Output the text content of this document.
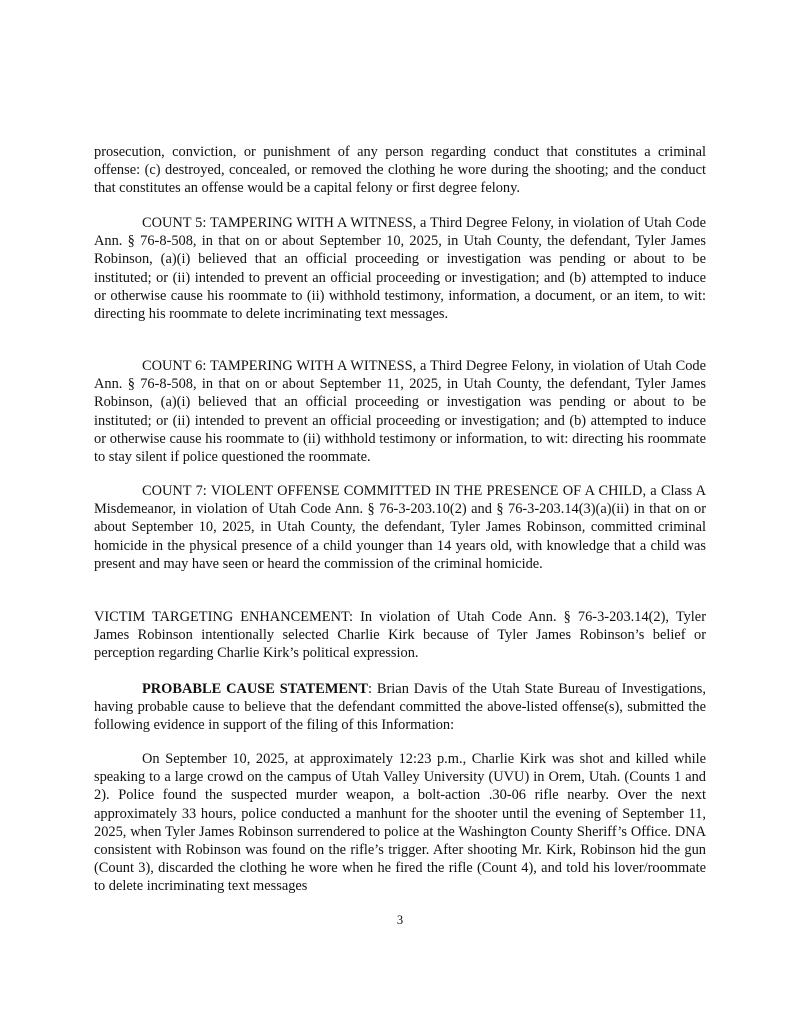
prosecution, conviction, or punishment of any person regarding conduct that constitutes a criminal offense: (c) destroyed, concealed, or removed the clothing he wore during the shooting; and the conduct that constitutes an offense would be a capital felony or first degree felony.

COUNT 5: TAMPERING WITH A WITNESS, a Third Degree Felony, in violation of Utah Code Ann. § 76-8-508, in that on or about September 10, 2025, in Utah County, the defendant, Tyler James Robinson, (a)(i) believed that an official proceeding or investigation was pending or about to be instituted; or (ii) intended to prevent an official proceeding or investigation; and (b) attempted to induce or otherwise cause his roommate to (ii) withhold testimony, information, a document, or an item, to wit: directing his roommate to delete incriminating text messages.

COUNT 6: TAMPERING WITH A WITNESS, a Third Degree Felony, in violation of Utah Code Ann. § 76-8-508, in that on or about September 11, 2025, in Utah County, the defendant, Tyler James Robinson, (a)(i) believed that an official proceeding or investigation was pending or about to be instituted; or (ii) intended to prevent an official proceeding or investigation; and (b) attempted to induce or otherwise cause his roommate to (ii) withhold testimony or information, to wit: directing his roommate to stay silent if police questioned the roommate.

COUNT 7: VIOLENT OFFENSE COMMITTED IN THE PRESENCE OF A CHILD, a Class A Misdemeanor, in violation of Utah Code Ann. § 76-3-203.10(2) and § 76-3-203.14(3)(a)(ii) in that on or about September 10, 2025, in Utah County, the defendant, Tyler James Robinson, committed criminal homicide in the physical presence of a child younger than 14 years old, with knowledge that a child was present and may have seen or heard the commission of the criminal homicide.

VICTIM TARGETING ENHANCEMENT: In violation of Utah Code Ann. § 76-3-203.14(2), Tyler James Robinson intentionally selected Charlie Kirk because of Tyler James Robinson’s belief or perception regarding Charlie Kirk’s political expression.

PROBABLE CAUSE STATEMENT: Brian Davis of the Utah State Bureau of Investigations, having probable cause to believe that the defendant committed the above-listed offense(s), submitted the following evidence in support of the filing of this Information:

On September 10, 2025, at approximately 12:23 p.m., Charlie Kirk was shot and killed while speaking to a large crowd on the campus of Utah Valley University (UVU) in Orem, Utah. (Counts 1 and 2). Police found the suspected murder weapon, a bolt-action .30-06 rifle nearby. Over the next approximately 33 hours, police conducted a manhunt for the shooter until the evening of September 11, 2025, when Tyler James Robinson surrendered to police at the Washington County Sheriff’s Office. DNA consistent with Robinson was found on the rifle’s trigger. After shooting Mr. Kirk, Robinson hid the gun (Count 3), discarded the clothing he wore when he fired the rifle (Count 4), and told his lover/roommate to delete incriminating text messages

3
